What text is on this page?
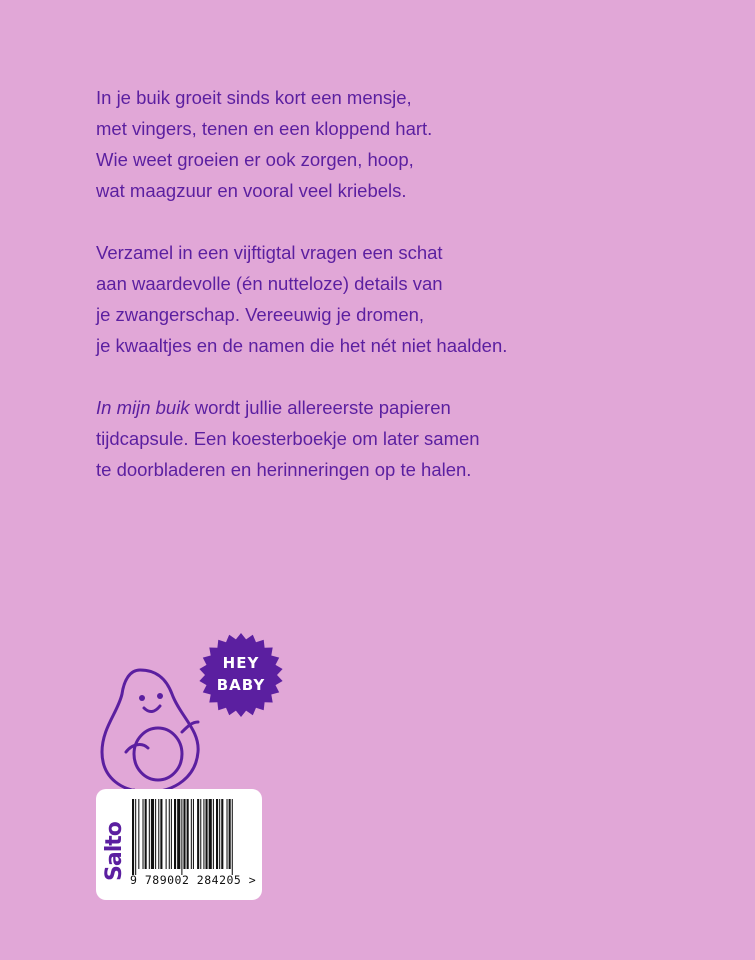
In je buik groeit sinds kort een mensje,
met vingers, tenen en een kloppend hart.
Wie weet groeien er ook zorgen, hoop,
wat maagzuur en vooral veel kriebels.

Verzamel in een vijftigtal vragen een schat
aan waardevolle (én nutteloze) details van
je zwangerschap. Vereeuwig je dromen,
je kwaaltjes en de namen die het nét niet haalden.

In mijn buik wordt jullie allereerste papieren
tijdcapsule. Een koesterboekje om later samen
te doorbladeren en herinneringen op te halen.

HEY
BABY
Salto 9 789002 284205 >
